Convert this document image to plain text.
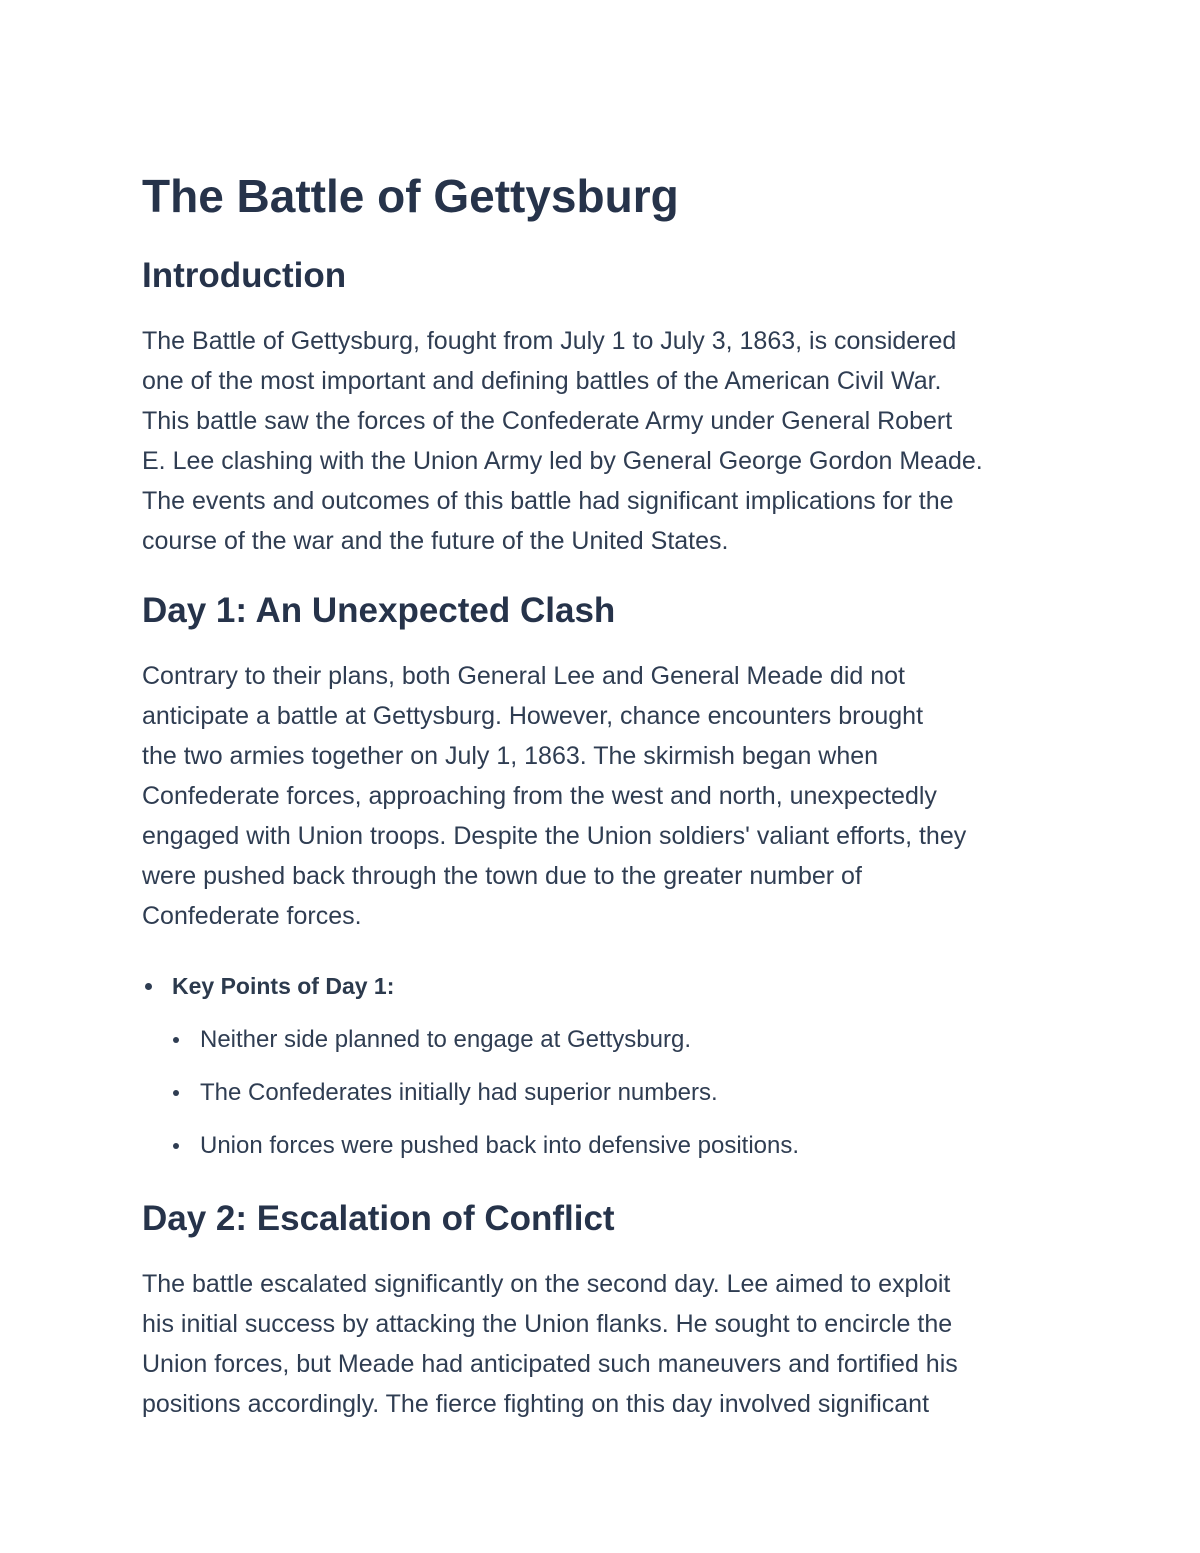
The Battle of Gettysburg
Introduction

The Battle of Gettysburg, fought from July 1 to July 3, 1863, is considered

one of the most important and defining battles of the American Civil War.

This battle saw the forces of the Confederate Army under General Robert

E. Lee clashing with the Union Army led by General George Gordon Meade.

The events and outcomes of this battle had significant implications for the

course of the war and the future of the United States.

Day 1: An Unexpected Clash

Contrary to their plans, both General Lee and General Meade did not

anticipate a battle at Gettysburg. However, chance encounters brought

the two armies together on July 1, 1863. The skirmish began when

Confederate forces, approaching from the west and north, unexpectedly

engaged with Union troops. Despite the Union soldiers' valiant efforts, they

were pushed back through the town due to the greater number of

Confederate forces.

Key Points of Day 1:
Neither side planned to engage at Gettysburg.
The Confederates initially had superior numbers.
Union forces were pushed back into defensive positions.
Day 2: Escalation of Conflict

The battle escalated significantly on the second day. Lee aimed to exploit

his initial success by attacking the Union flanks. He sought to encircle the

Union forces, but Meade had anticipated such maneuvers and fortified his

positions accordingly. The fierce fighting on this day involved significant
